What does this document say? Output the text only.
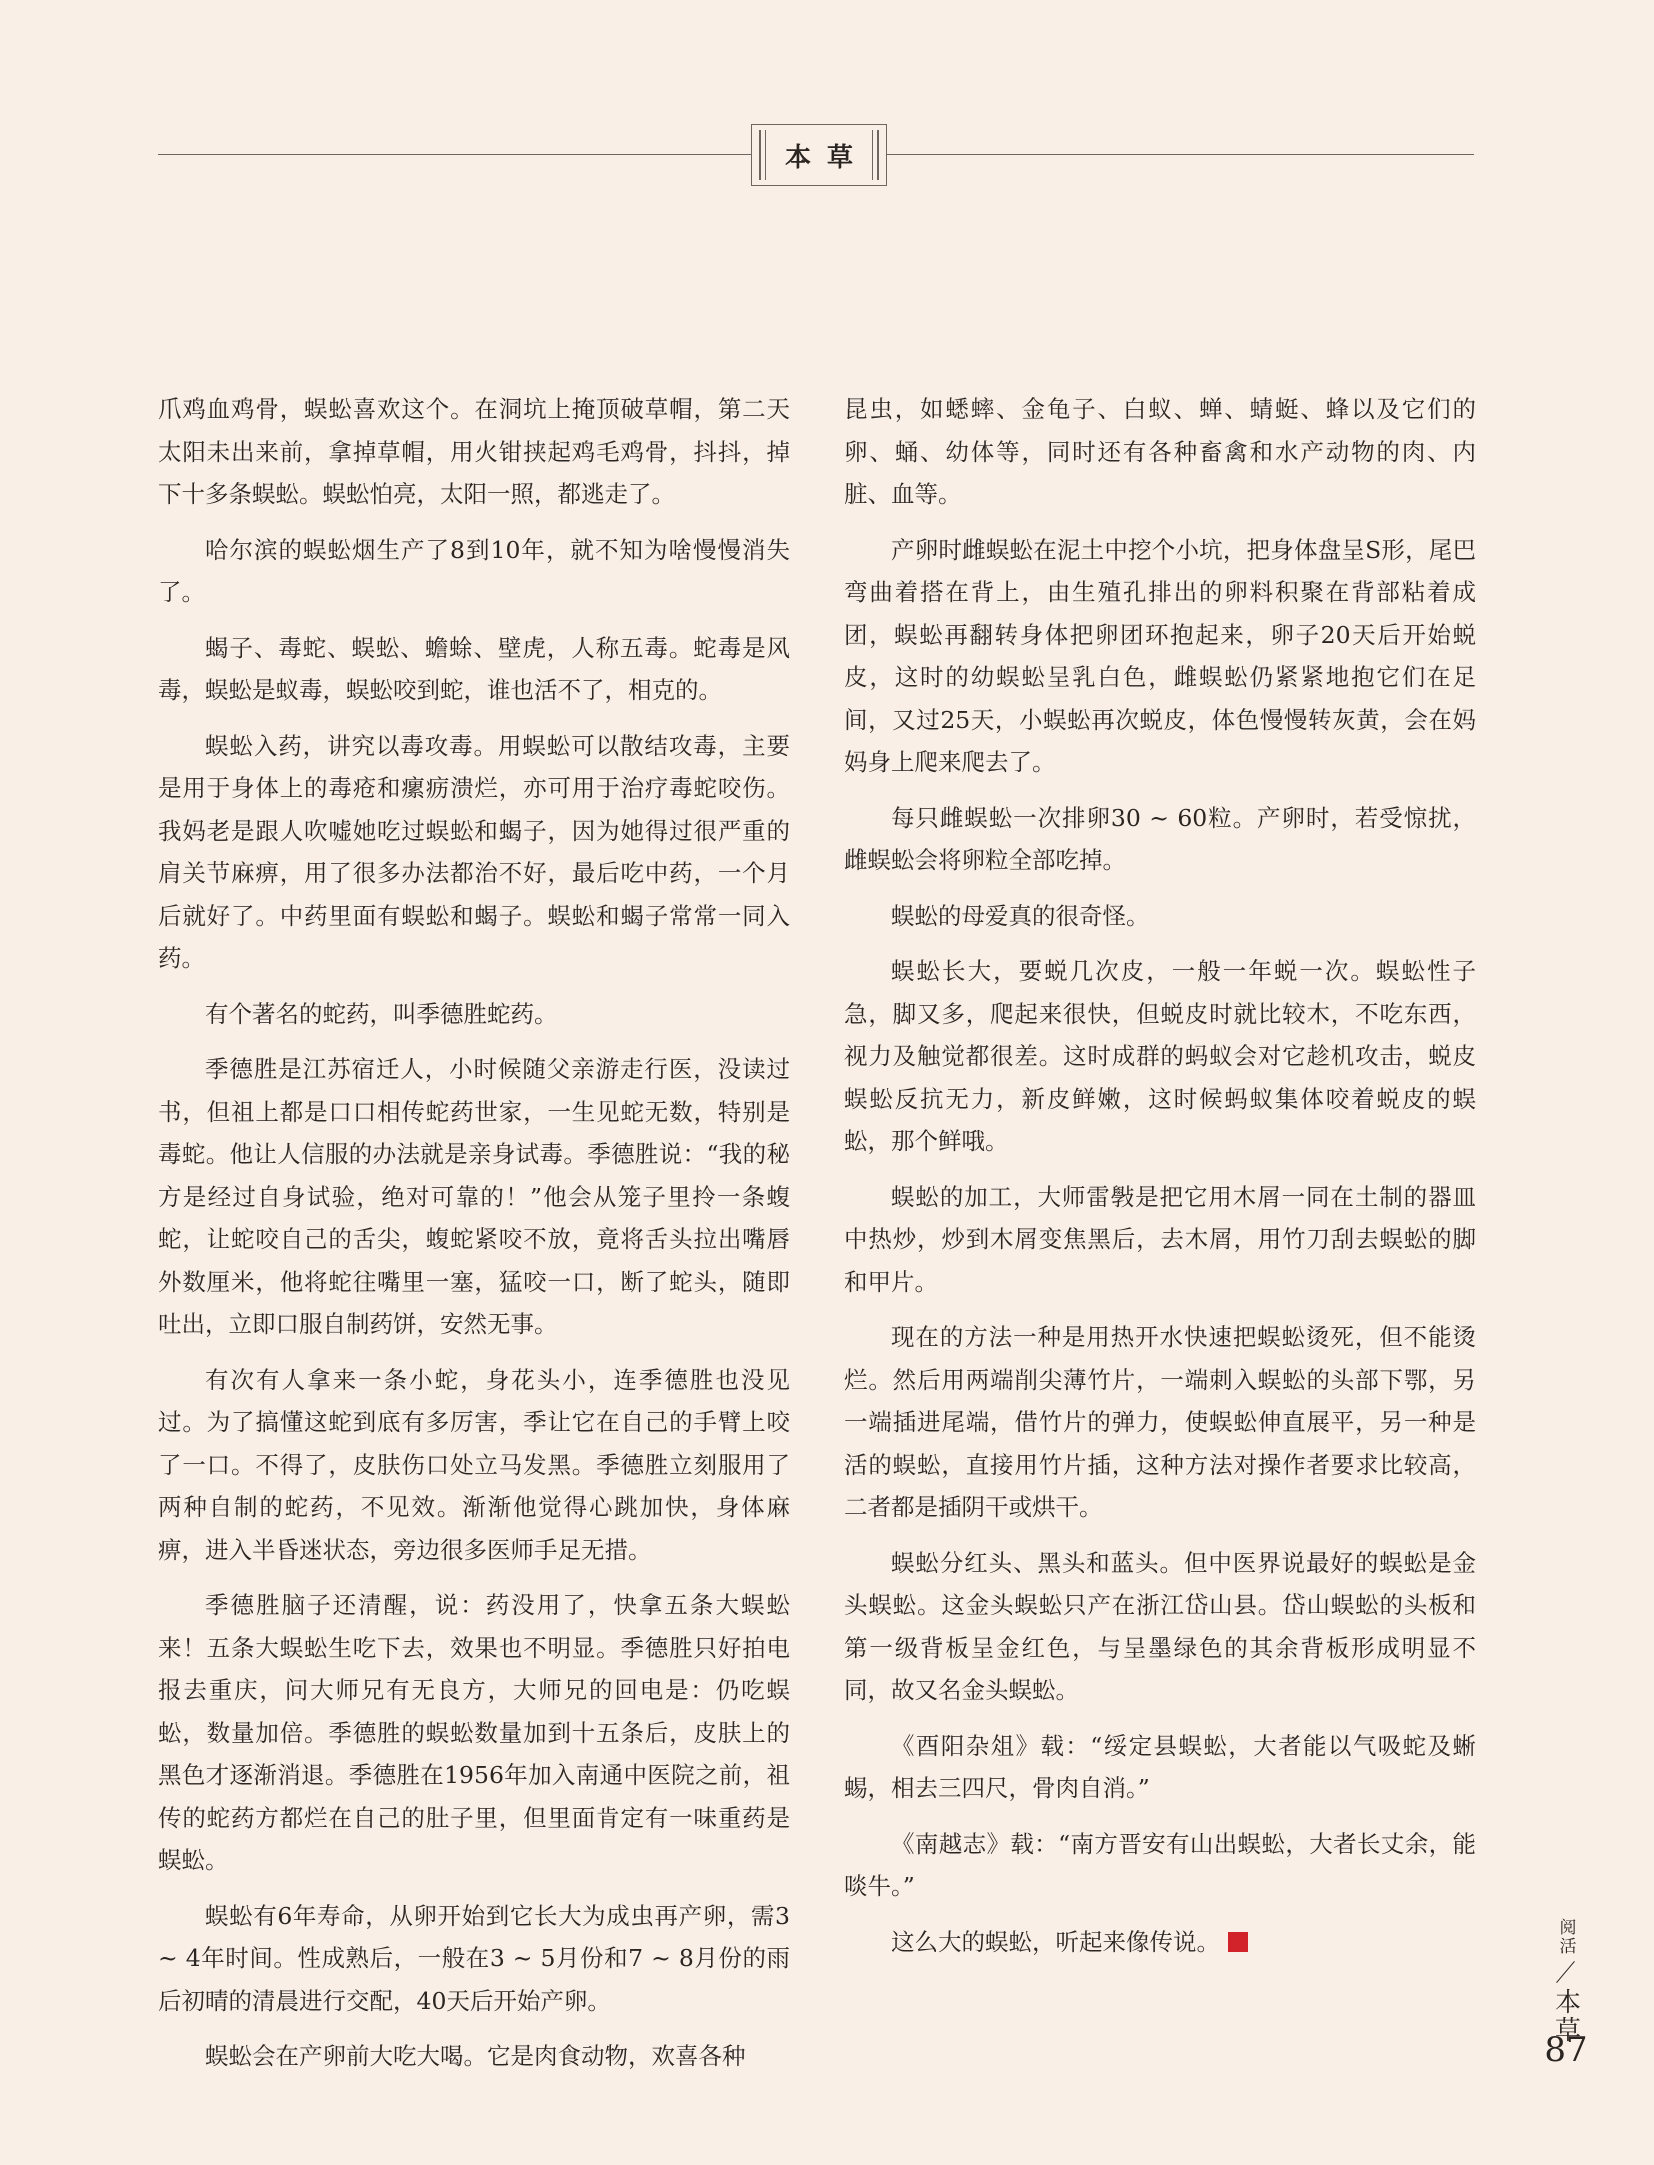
本草

爪鸡血鸡骨，蜈蚣喜欢这个。在洞坑上掩顶破草帽，第二天太阳未出来前，拿掉草帽，用火钳挟起鸡毛鸡骨，抖抖，掉下十多条蜈蚣。蜈蚣怕亮，太阳一照，都逃走了。

哈尔滨的蜈蚣烟生产了8到10年，就不知为啥慢慢消失了。

蝎子、毒蛇、蜈蚣、蟾蜍、壁虎，人称五毒。蛇毒是风毒，蜈蚣是蚁毒，蜈蚣咬到蛇，谁也活不了，相克的。

蜈蚣入药，讲究以毒攻毒。用蜈蚣可以散结攻毒，主要是用于身体上的毒疮和瘰疬溃烂，亦可用于治疗毒蛇咬伤。我妈老是跟人吹嘘她吃过蜈蚣和蝎子，因为她得过很严重的肩关节麻痹，用了很多办法都治不好，最后吃中药，一个月后就好了。中药里面有蜈蚣和蝎子。蜈蚣和蝎子常常一同入药。

有个著名的蛇药，叫季德胜蛇药。

季德胜是江苏宿迁人，小时候随父亲游走行医，没读过书，但祖上都是口口相传蛇药世家，一生见蛇无数，特别是毒蛇。他让人信服的办法就是亲身试毒。季德胜说：“我的秘方是经过自身试验，绝对可靠的！”他会从笼子里拎一条蝮蛇，让蛇咬自己的舌尖，蝮蛇紧咬不放，竟将舌头拉出嘴唇外数厘米，他将蛇往嘴里一塞，猛咬一口，断了蛇头，随即吐出，立即口服自制药饼，安然无事。

有次有人拿来一条小蛇，身花头小，连季德胜也没见过。为了搞懂这蛇到底有多厉害，季让它在自己的手臂上咬了一口。不得了，皮肤伤口处立马发黑。季德胜立刻服用了两种自制的蛇药，不见效。渐渐他觉得心跳加快，身体麻痹，进入半昏迷状态，旁边很多医师手足无措。

季德胜脑子还清醒，说：药没用了，快拿五条大蜈蚣来！五条大蜈蚣生吃下去，效果也不明显。季德胜只好拍电报去重庆，问大师兄有无良方，大师兄的回电是：仍吃蜈蚣，数量加倍。季德胜的蜈蚣数量加到十五条后，皮肤上的黑色才逐渐消退。季德胜在1956年加入南通中医院之前，祖传的蛇药方都烂在自己的肚子里，但里面肯定有一味重药是蜈蚣。

蜈蚣有6年寿命，从卵开始到它长大为成虫再产卵，需3 ~ 4年时间。性成熟后，一般在3 ~ 5月份和7 ~ 8月份的雨后初晴的清晨进行交配，40天后开始产卵。

蜈蚣会在产卵前大吃大喝。它是肉食动物，欢喜各种

昆虫，如蟋蟀、金龟子、白蚁、蝉、蜻蜓、蜂以及它们的卵、蛹、幼体等，同时还有各种畜禽和水产动物的肉、内脏、血等。

产卵时雌蜈蚣在泥土中挖个小坑，把身体盘呈S形，尾巴弯曲着搭在背上，由生殖孔排出的卵料积聚在背部粘着成团，蜈蚣再翻转身体把卵团环抱起来，卵子20天后开始蜕皮，这时的幼蜈蚣呈乳白色，雌蜈蚣仍紧紧地抱它们在足间，又过25天，小蜈蚣再次蜕皮，体色慢慢转灰黄，会在妈妈身上爬来爬去了。

每只雌蜈蚣一次排卵30 ~ 60粒。产卵时，若受惊扰，雌蜈蚣会将卵粒全部吃掉。

蜈蚣的母爱真的很奇怪。

蜈蚣长大，要蜕几次皮，一般一年蜕一次。蜈蚣性子急，脚又多，爬起来很快，但蜕皮时就比较木，不吃东西，视力及触觉都很差。这时成群的蚂蚁会对它趁机攻击，蜕皮蜈蚣反抗无力，新皮鲜嫩，这时候蚂蚁集体咬着蜕皮的蜈蚣，那个鲜哦。

蜈蚣的加工，大师雷斅是把它用木屑一同在土制的器皿中热炒，炒到木屑变焦黑后，去木屑，用竹刀刮去蜈蚣的脚和甲片。

现在的方法一种是用热开水快速把蜈蚣烫死，但不能烫烂。然后用两端削尖薄竹片，一端刺入蜈蚣的头部下鄂，另一端插进尾端，借竹片的弹力，使蜈蚣伸直展平，另一种是活的蜈蚣，直接用竹片插，这种方法对操作者要求比较高，二者都是插阴干或烘干。

蜈蚣分红头、黑头和蓝头。但中医界说最好的蜈蚣是金头蜈蚣。这金头蜈蚣只产在浙江岱山县。岱山蜈蚣的头板和第一级背板呈金红色，与呈墨绿色的其余背板形成明显不同，故又名金头蜈蚣。

《酉阳杂俎》载：“绥定县蜈蚣，大者能以气吸蛇及蜥蜴，相去三四尺，骨肉自消。”

《南越志》载：“南方晋安有山出蜈蚣，大者长丈余，能啖牛。”

这么大的蜈蚣，听起来像传说。	阅活
本草
87
